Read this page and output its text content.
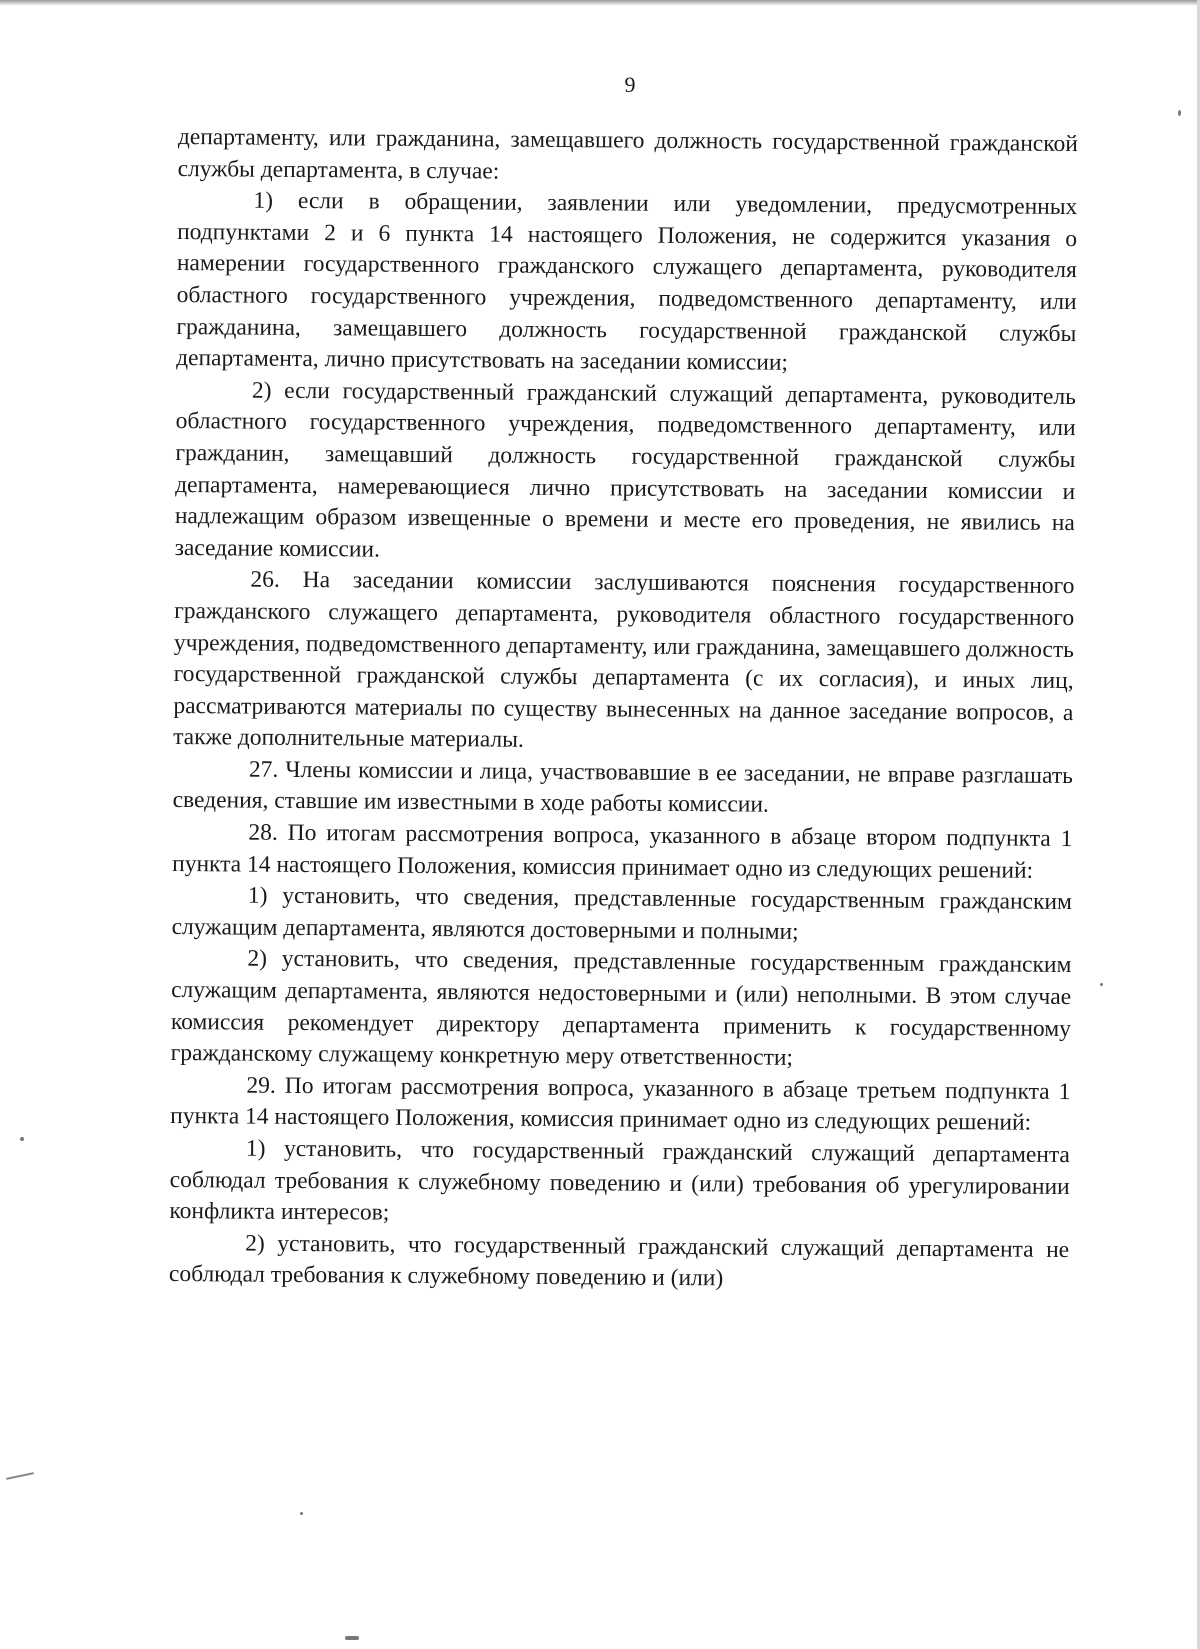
9

департаменту, или гражданина, замещавшего должность государственной гражданской службы департамента, в случае:

1) если в обращении, заявлении или уведомлении, предусмотренных подпунктами 2 и 6 пункта 14 настоящего Положения, не содержится указания о намерении государственного гражданского служащего департамента, руководителя областного государственного учреждения, подведомственного департаменту, или гражданина, замещавшего должность государственной гражданской службы департамента, лично присутствовать на заседании комиссии;

2) если государственный гражданский служащий департамента, руководитель областного государственного учреждения, подведомственного департаменту, или гражданин, замещавший должность государственной гражданской службы департамента, намеревающиеся лично присутствовать на заседании комиссии и надлежащим образом извещенные о времени и месте его проведения, не явились на заседание комиссии.

26. На заседании комиссии заслушиваются пояснения государственного гражданского служащего департамента, руководителя областного государственного учреждения, подведомственного департаменту, или гражданина, замещавшего должность государственной гражданской службы департамента (с их согласия), и иных лиц, рассматриваются материалы по существу вынесенных на данное заседание вопросов, а также дополнительные материалы.

27. Члены комиссии и лица, участвовавшие в ее заседании, не вправе разглашать сведения, ставшие им известными в ходе работы комиссии.

28. По итогам рассмотрения вопроса, указанного в абзаце втором подпункта 1 пункта 14 настоящего Положения, комиссия принимает одно из следующих решений:

1) установить, что сведения, представленные государственным гражданским служащим департамента, являются достоверными и полными;

2) установить, что сведения, представленные государственным гражданским служащим департамента, являются недостоверными и (или) неполными. В этом случае комиссия рекомендует директору департамента применить к государственному гражданскому служащему конкретную меру ответственности;

29. По итогам рассмотрения вопроса, указанного в абзаце третьем подпункта 1 пункта 14 настоящего Положения, комиссия принимает одно из следующих решений:

1) установить, что государственный гражданский служащий департамента соблюдал требования к служебному поведению и (или) требования об урегулировании конфликта интересов;

2) установить, что государственный гражданский служащий департамента не соблюдал требования к служебному поведению и (или)
